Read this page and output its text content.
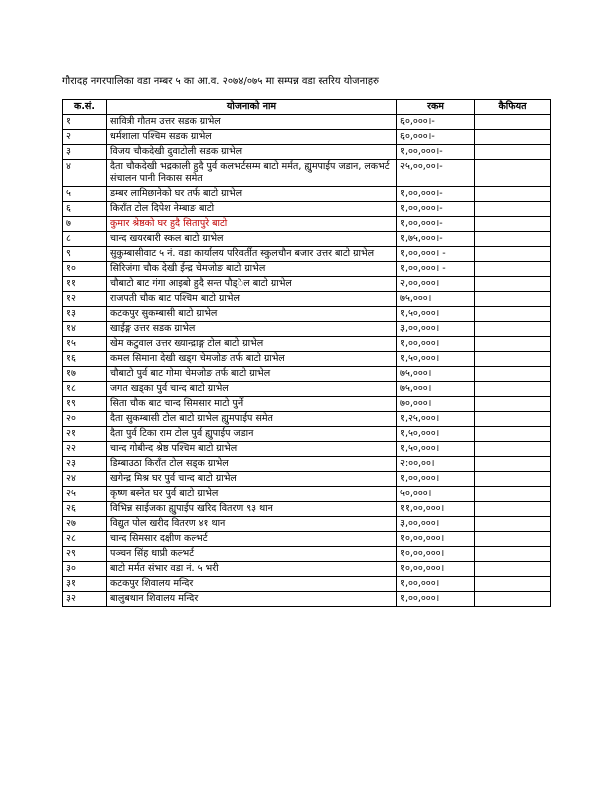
गौरादह नगरपालिका वडा नम्बर ५ का आ.व. २०७४/०७५ मा सम्पन्न वडा स्तरिय योजनाहरु
क.सं.	योजनाको नाम	रकम	कैफियत
१	सावित्री गौतम उत्तर सडक ग्राभेल	६०,०००।-	
२	धर्मशाला पश्चिम सडक ग्राभेल	६०,०००।-	
३	विजय चौकदेखी दुवाटोली सडक ग्राभेल	१,००,०००।-	
४	दैता चौकदेखी भद्रकाली हुदै पुर्व कलभर्टसम्म बाटो मर्मत, ह्युमपाईप जडान, लकभर्ट संचालन पानी निकास समेत	२५,००,००।-	
५	डम्बर लामिछानेको घर तर्फ बाटो ग्राभेल	१,००,०००।-	
६	किराँत टोल दिपेश नेम्बाङ बाटो	१,००,०००।-	
७	कुमार श्रेष्ठको घर हुदै सितापुरे बाटो	१,००,०००।-	
८	चान्द खयरबारी स्कल बाटो ग्राभेल	१,७५,०००।-	
९	सुकुम्बासीवाट ५ नं. वडा कार्यालय परिवर्तीत स्कुलचौन बजार उत्तर बाटो ग्राभेल	१,००,०००। -	
१०	सिरिजंगा चौक देखी ईन्द्र चेमजोङ बाटो ग्राभेल	१,००,०००। -	
११	चौबाटो बाट गंगा आइबो हुदै सन्त पौड्ेल बाटो ग्राभेल	२,००,०००।	
१२	राजपती चौक बाट पश्चिम बाटो ग्राभेल	७५,०००।	
१३	कटकपुर सुकम्बासी बाटो ग्राभेल	१,५०,०००।	
१४	खाईङ्ग उत्तर सडक ग्राभेल	३,००,०००।	
१५	खेम कटुवाल उत्तर ख्यान्द्राङ्ग टोल बाटो ग्राभेल	१,००,०००।	
१६	कमल सिमाना देखी खड्ग चेमजोङ तर्फ बाटो ग्राभेल	१,५०,०००।	
१७	चौबाटो पुर्व बाट गोमा चेमजोङ तर्फ बाटो ग्राभेल	७५,०००।	
१८	जगत खड्का पुर्व चान्द बाटो ग्राभेल	७५,०००।	
१९	सिता चौक बाट चान्द सिमसार माटो पुर्ने	७०,०००।	
२०	दैता सुकम्बासी टोल बाटो ग्राभेल ह्युमपाईप समेत	१,२५,०००।	
२१	दैता पुर्व टिका राम टोल पुर्व ह्युपाईप जडान	१,५०,०००।	
२२	चान्द गोबीन्द श्रेष्ठ पश्चिम बाटो ग्राभेल	१,५०,०००।	
२३	डिम्बाउठा किराँत टोल सड्क ग्राभेल	२:००,००।	
२४	खगेन्द्र मिश्र घर पुर्व चान्द बाटो ग्राभेल	१,००,०००।	
२५	कृष्ण बस्नेत घर पुर्व बाटो ग्राभेल	५०,०००।	
२६	विभिन्न साईजका ह्युपाईप खरिद वितरण ९३ थान	११,००,०००।	
२७	विद्युत पोल खरीद वितरण ४१ थान	३,००,०००।	
२८	चान्द सिमसार दक्षीण कल्भर्ट	१०,००,०००।	
२९	पञ्चन सिंह धाप्री कल्भर्ट	१०,००,०००।	
३०	बाटो मर्मत संभार वडा नं. ५ भरी	१०,००,०००।	
३१	कटकपुर शिवालय मन्दिर	१,००,०००।	
३२	बालुबथान शिवालय मन्दिर	१,००,०००।	
